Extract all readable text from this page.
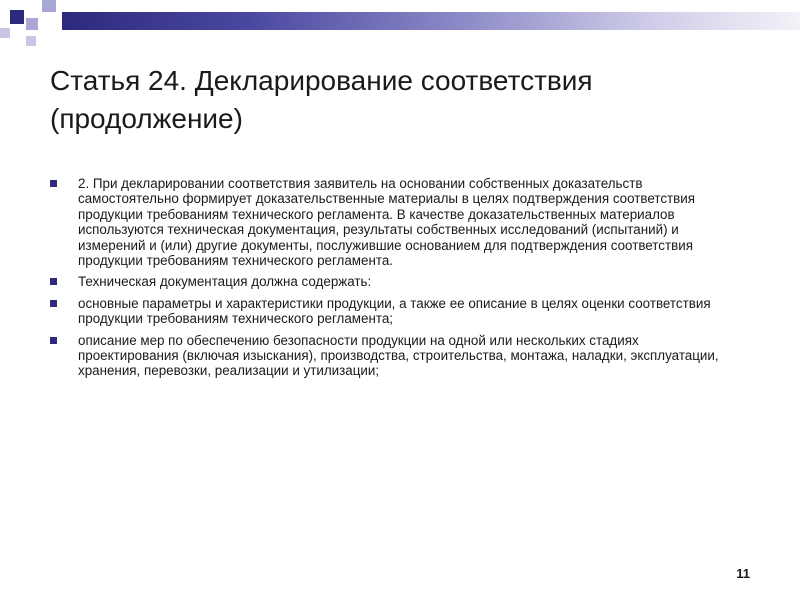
Статья 24. Декларирование соответствия
(продолжение)
2. При декларировании соответствия заявитель на основании собственных доказательств самостоятельно формирует доказательственные материалы в целях подтверждения соответствия продукции требованиям технического регламента. В качестве доказательственных материалов используются техническая документация, результаты собственных исследований (испытаний) и измерений и (или) другие документы, послужившие основанием для подтверждения соответствия продукции требованиям технического регламента.
Техническая документация должна содержать:
основные параметры и характеристики продукции, а также ее описание в целях оценки соответствия продукции требованиям технического регламента;
описание мер по обеспечению безопасности продукции на одной или нескольких стадиях проектирования (включая изыскания), производства, строительства, монтажа, наладки, эксплуатации, хранения, перевозки, реализации и утилизации;
11
